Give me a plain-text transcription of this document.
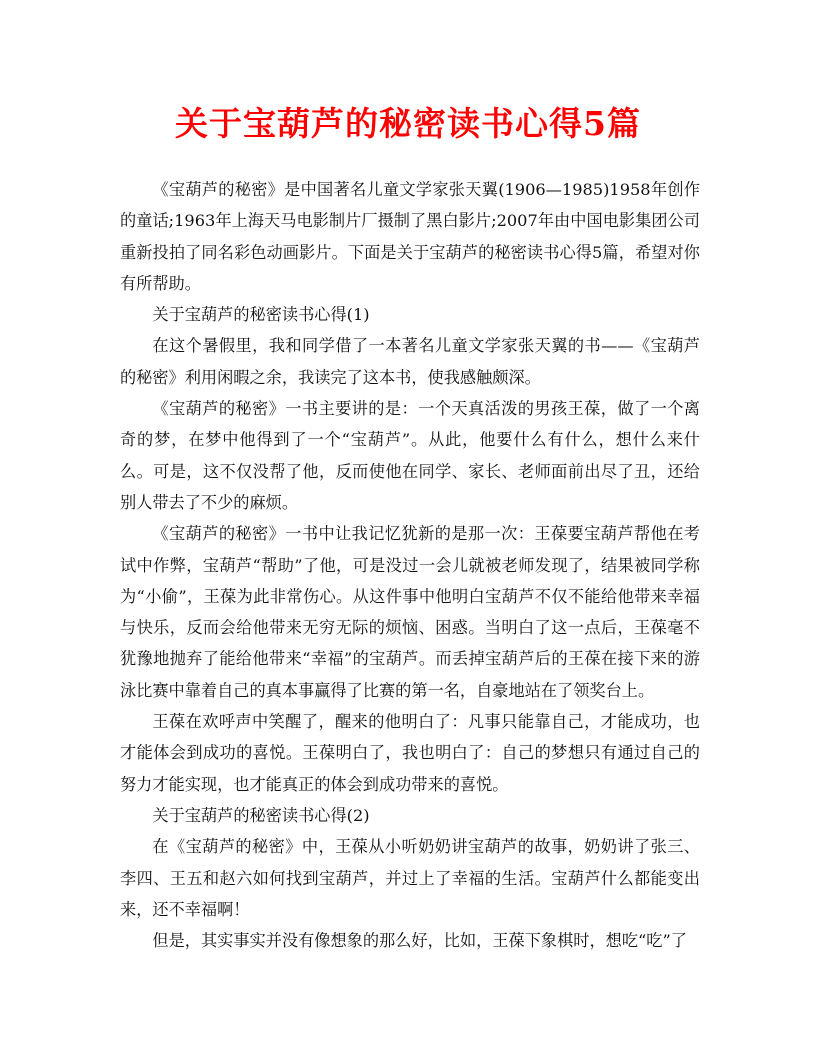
关于宝葫芦的秘密读书心得5篇

《宝葫芦的秘密》是中国著名儿童文学家张天翼(1906—1985)1958年创作的童话;1963年上海天马电影制片厂摄制了黑白影片;2007年由中国电影集团公司重新投拍了同名彩色动画影片。下面是关于宝葫芦的秘密读书心得5篇，希望对你有所帮助。

关于宝葫芦的秘密读书心得(1)

在这个暑假里，我和同学借了一本著名儿童文学家张天翼的书——《宝葫芦的秘密》利用闲暇之余，我读完了这本书，使我感触颇深。

《宝葫芦的秘密》一书主要讲的是：一个天真活泼的男孩王葆，做了一个离奇的梦，在梦中他得到了一个“宝葫芦”。从此，他要什么有什么，想什么来什么。可是，这不仅没帮了他，反而使他在同学、家长、老师面前出尽了丑，还给别人带去了不少的麻烦。

《宝葫芦的秘密》一书中让我记忆犹新的是那一次：王葆要宝葫芦帮他在考试中作弊，宝葫芦“帮助”了他，可是没过一会儿就被老师发现了，结果被同学称为“小偷”，王葆为此非常伤心。从这件事中他明白宝葫芦不仅不能给他带来幸福与快乐，反而会给他带来无穷无际的烦恼、困惑。当明白了这一点后，王葆毫不犹豫地抛弃了能给他带来“幸福”的宝葫芦。而丢掉宝葫芦后的王葆在接下来的游泳比赛中靠着自己的真本事赢得了比赛的第一名，自豪地站在了领奖台上。

王葆在欢呼声中笑醒了，醒来的他明白了：凡事只能靠自己，才能成功，也才能体会到成功的喜悦。王葆明白了，我也明白了：自己的梦想只有通过自己的努力才能实现，也才能真正的体会到成功带来的喜悦。

关于宝葫芦的秘密读书心得(2)

在《宝葫芦的秘密》中，王葆从小听奶奶讲宝葫芦的故事，奶奶讲了张三、李四、王五和赵六如何找到宝葫芦，并过上了幸福的生活。宝葫芦什么都能变出来，还不幸福啊！

但是，其实事实并没有像想象的那么好，比如，王葆下象棋时，想吃“吃”了
